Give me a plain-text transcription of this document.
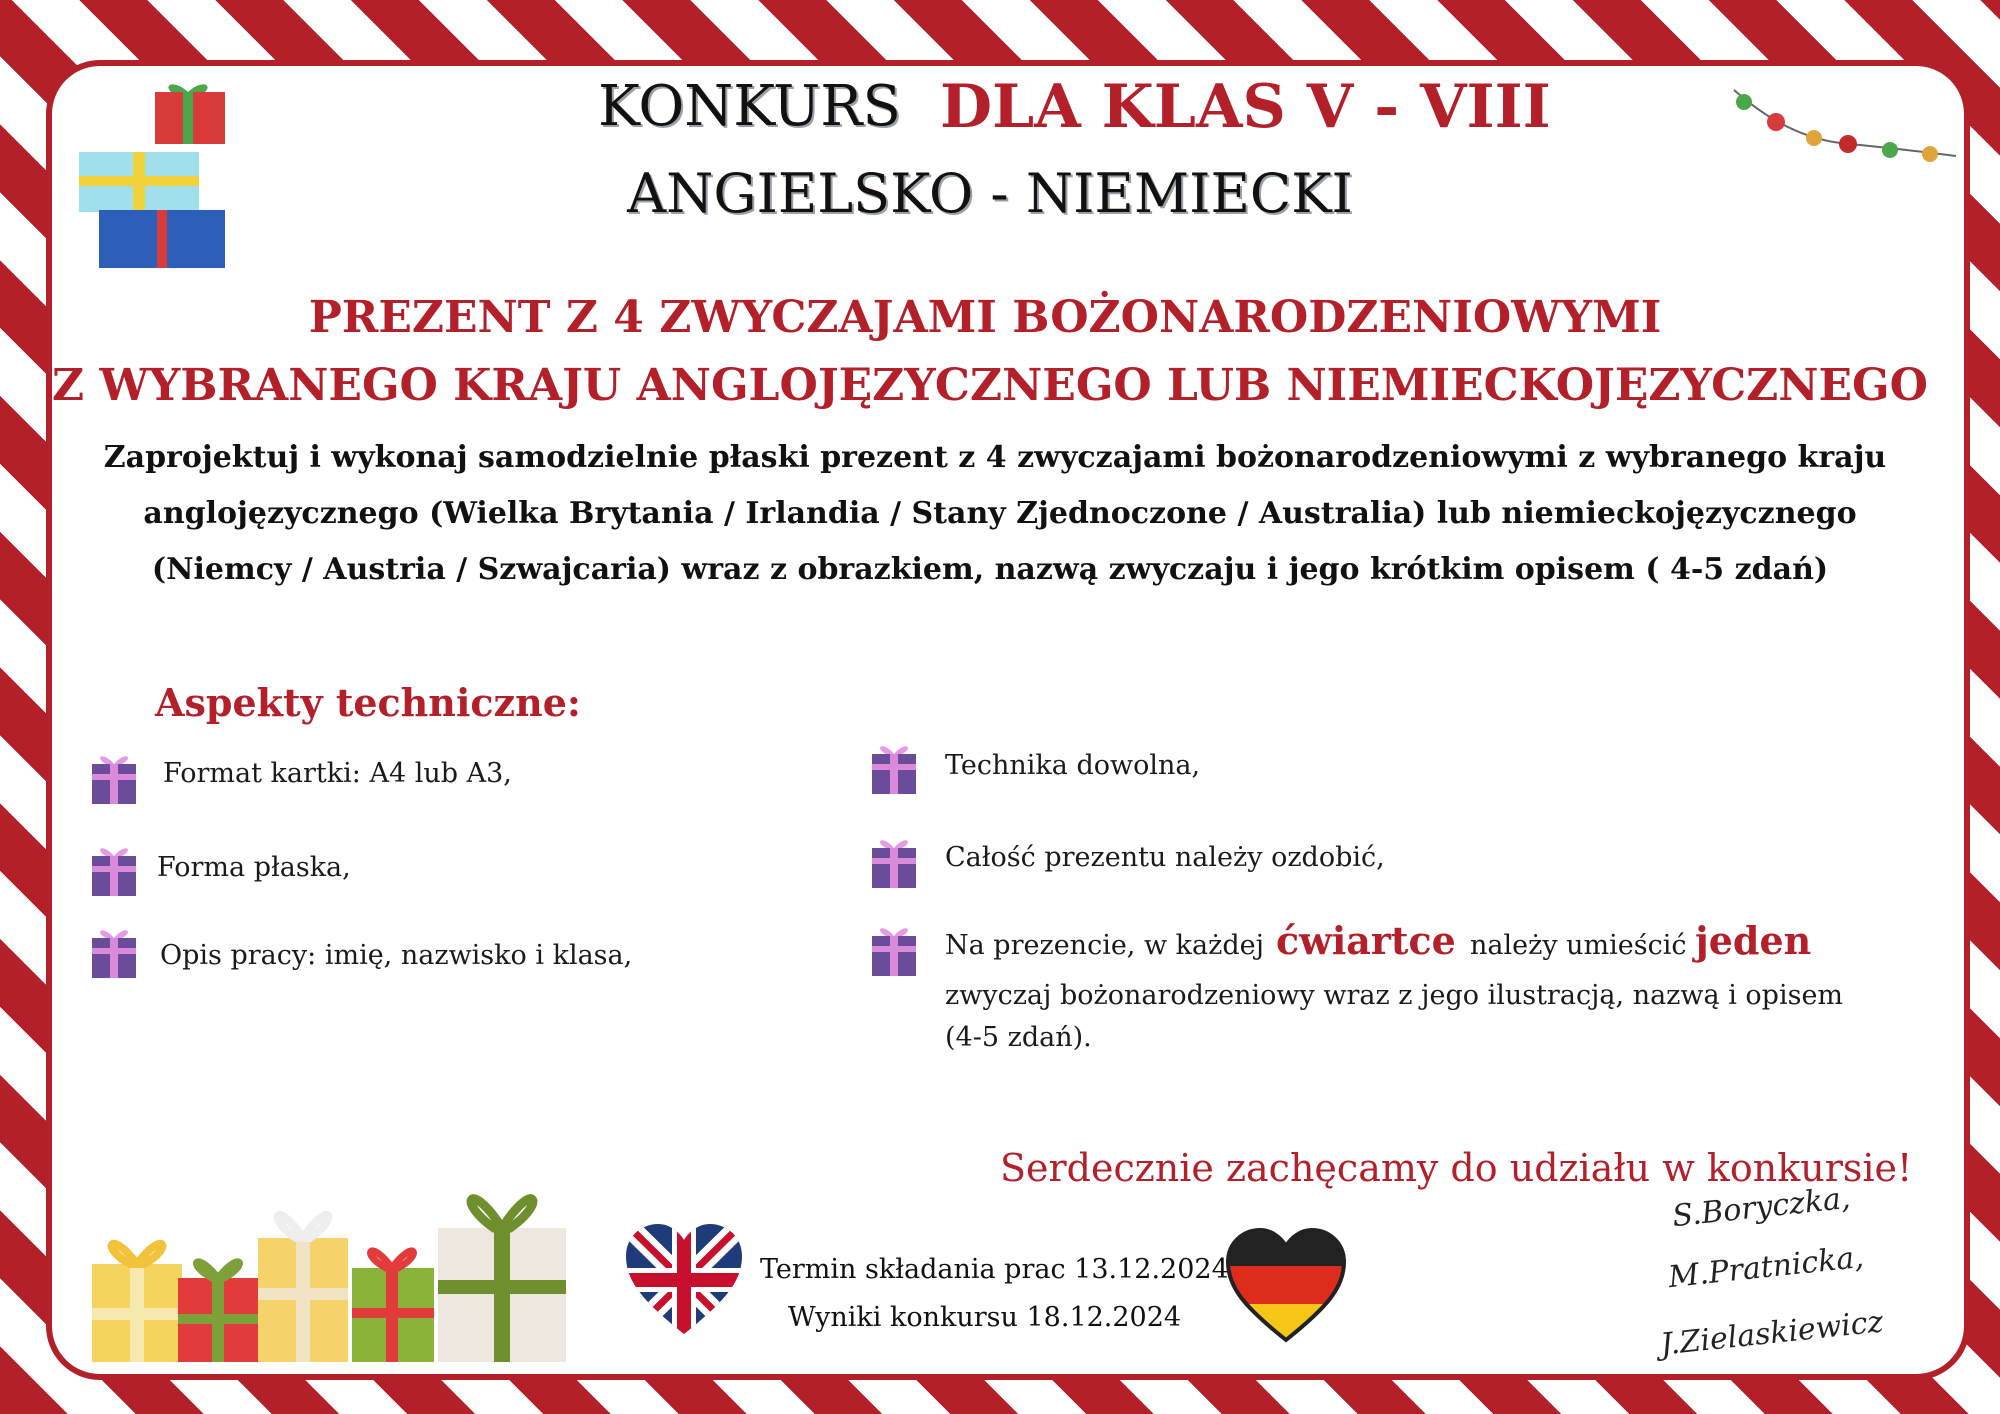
KONKURS DLA KLAS V - VIII
ANGIELSKO - NIEMIECKI
PREZENT Z 4 ZWYCZAJAMI BOŻONARODZENIOWYMI
Z WYBRANEGO KRAJU ANGLOJĘZYCZNEGO LUB NIEMIECKOJĘZYCZNEGO
Zaprojektuj i wykonaj samodzielnie płaski prezent z 4 zwyczajami bożonarodzeniowymi z wybranego kraju
anglojęzycznego (Wielka Brytania / Irlandia / Stany Zjednoczone / Australia) lub niemieckojęzycznego
(Niemcy / Austria / Szwajcaria) wraz z obrazkiem, nazwą zwyczaju i jego krótkim opisem ( 4-5 zdań)
Aspekty techniczne:
Format kartki: A4 lub A3,
Forma płaska,
Opis pracy: imię, nazwisko i klasa,
Technika dowolna,
Całość prezentu należy ozdobić,
Na prezencie, w każdej ćwiartce należy umieścić jeden
zwyczaj bożonarodzeniowy wraz z jego ilustracją, nazwą i opisem
(4-5 zdań).
Serdecznie zachęcamy do udziału w konkursie!
Termin składania prac 13.12.2024
Wyniki konkursu 18.12.2024
S.Boryczka,
M.Pratnicka,
J.Zielaskiewicz
